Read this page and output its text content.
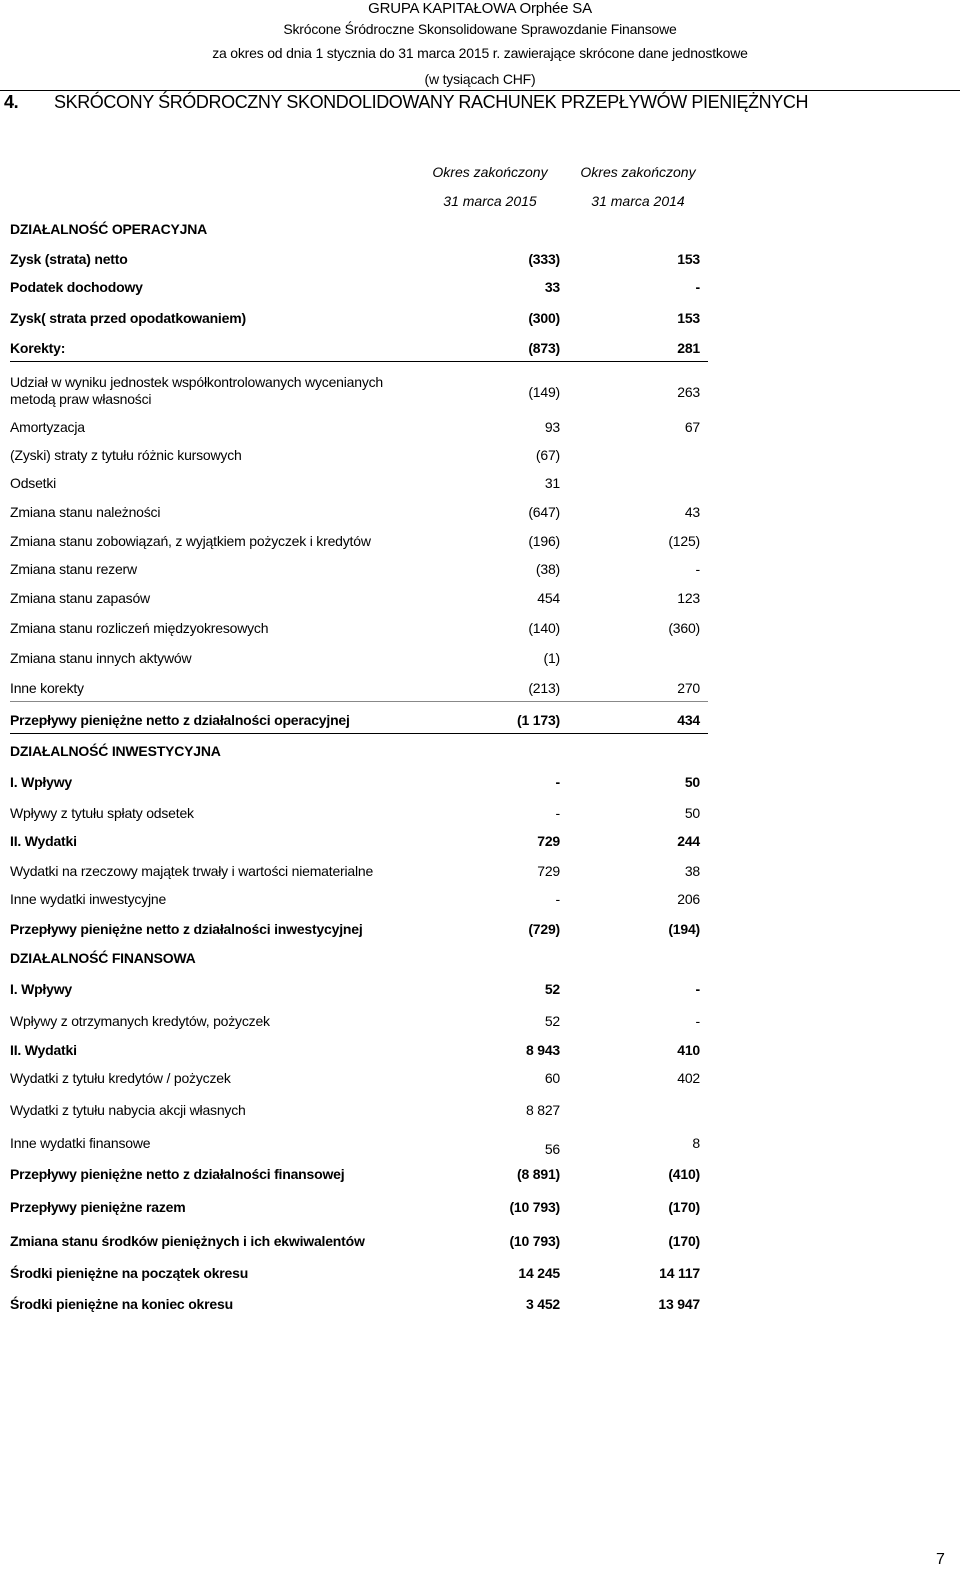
GRUPA KAPITAŁOWA Orphée SA
Skrócone Śródroczne Skonsolidowane Sprawozdanie Finansowe
za okres od dnia 1 stycznia do 31 marca 2015 r. zawierające skrócone dane jednostkowe
(w tysiącach CHF)
4. SKRÓCONY ŚRÓDROCZNY SKONDOLIDOWANY RACHUNEK PRZEPŁYWÓW PIENIĘŻNYCH
Okres zakończony	Okres zakończony
31 marca 2015	31 marca 2014
DZIAŁALNOŚĆ OPERACYJNA
Zysk (strata) netto	(333)	153
Podatek dochodowy	33	-
Zysk( strata przed opodatkowaniem)	(300)	153
Korekty:	(873)	281
Udział w wyniku jednostek współkontrolowanych wycenianych metodą praw własności	(149)	263
Amortyzacja	93	67
(Zyski) straty z tytułu różnic kursowych	(67)
Odsetki	31
Zmiana stanu należności	(647)	43
Zmiana stanu zobowiązań, z wyjątkiem pożyczek i kredytów	(196)	(125)
Zmiana stanu rezerw	(38)	-
Zmiana stanu zapasów	454	123
Zmiana stanu rozliczeń międzyokresowych	(140)	(360)
Zmiana stanu innych aktywów	(1)
Inne korekty	(213)	270
Przepływy pieniężne netto z działalności operacyjnej	(1 173)	434
DZIAŁALNOŚĆ INWESTYCYJNA
I. Wpływy	-	50
Wpływy z tytułu spłaty odsetek	-	50
II. Wydatki	729	244
Wydatki na rzeczowy majątek trwały i wartości niematerialne	729	38
Inne wydatki inwestycyjne	-	206
Przepływy pieniężne netto z działalności inwestycyjnej	(729)	(194)
DZIAŁALNOŚĆ FINANSOWA
I. Wpływy	52	-
Wpływy z otrzymanych kredytów, pożyczek	52	-
II. Wydatki	8 943	410
Wydatki z tytułu kredytów / pożyczek	60	402
Wydatki z tytułu nabycia akcji własnych	8 827
Inne wydatki finansowe	56	8
Przepływy pieniężne netto z działalności finansowej	(8 891)	(410)
Przepływy pieniężne razem	(10 793)	(170)
Zmiana stanu środków pieniężnych i ich ekwiwalentów	(10 793)	(170)
Środki pieniężne na początek okresu	14 245	14 117
Środki pieniężne na koniec okresu	3 452	13 947
7
